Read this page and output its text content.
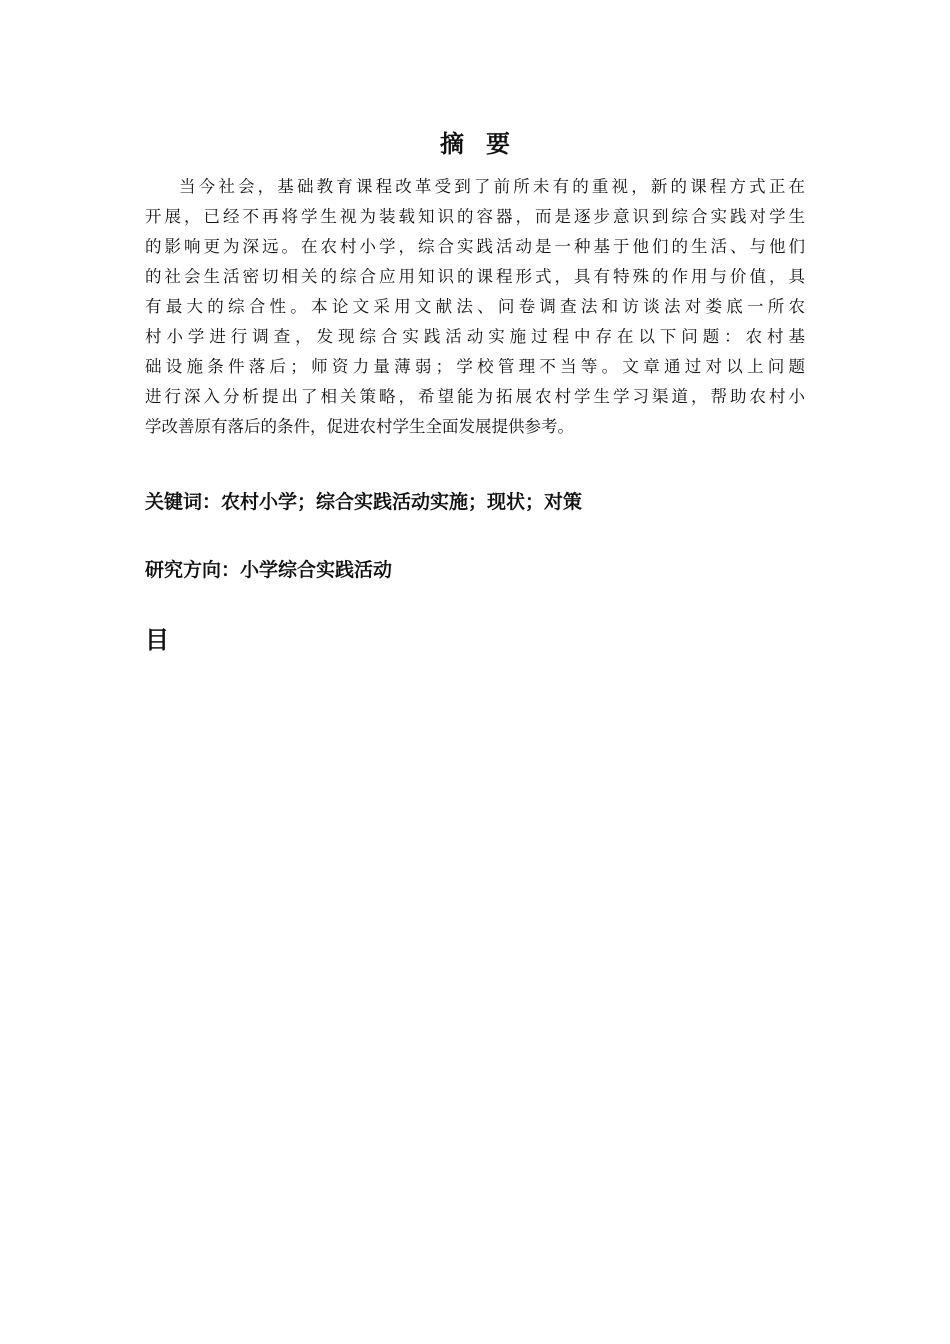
摘要
当今社会，基础教育课程改革受到了前所未有的重视，新的课程方式正在
开展，已经不再将学生视为装载知识的容器，而是逐步意识到综合实践对学生
的影响更为深远。在农村小学，综合实践活动是一种基于他们的生活、与他们
的社会生活密切相关的综合应用知识的课程形式，具有特殊的作用与价值，具
有最大的综合性。本论文采用文献法、问卷调查法和访谈法对娄底一所农
村小学进行调查，发现综合实践活动实施过程中存在以下问题：农村基
础设施条件落后；师资力量薄弱；学校管理不当等。文章通过对以上问题
进行深入分析提出了相关策略，希望能为拓展农村学生学习渠道，帮助农村小
学改善原有落后的条件，促进农村学生全面发展提供参考。
关键词：农村小学；综合实践活动实施；现状；对策
研究方向：小学综合实践活动
目
